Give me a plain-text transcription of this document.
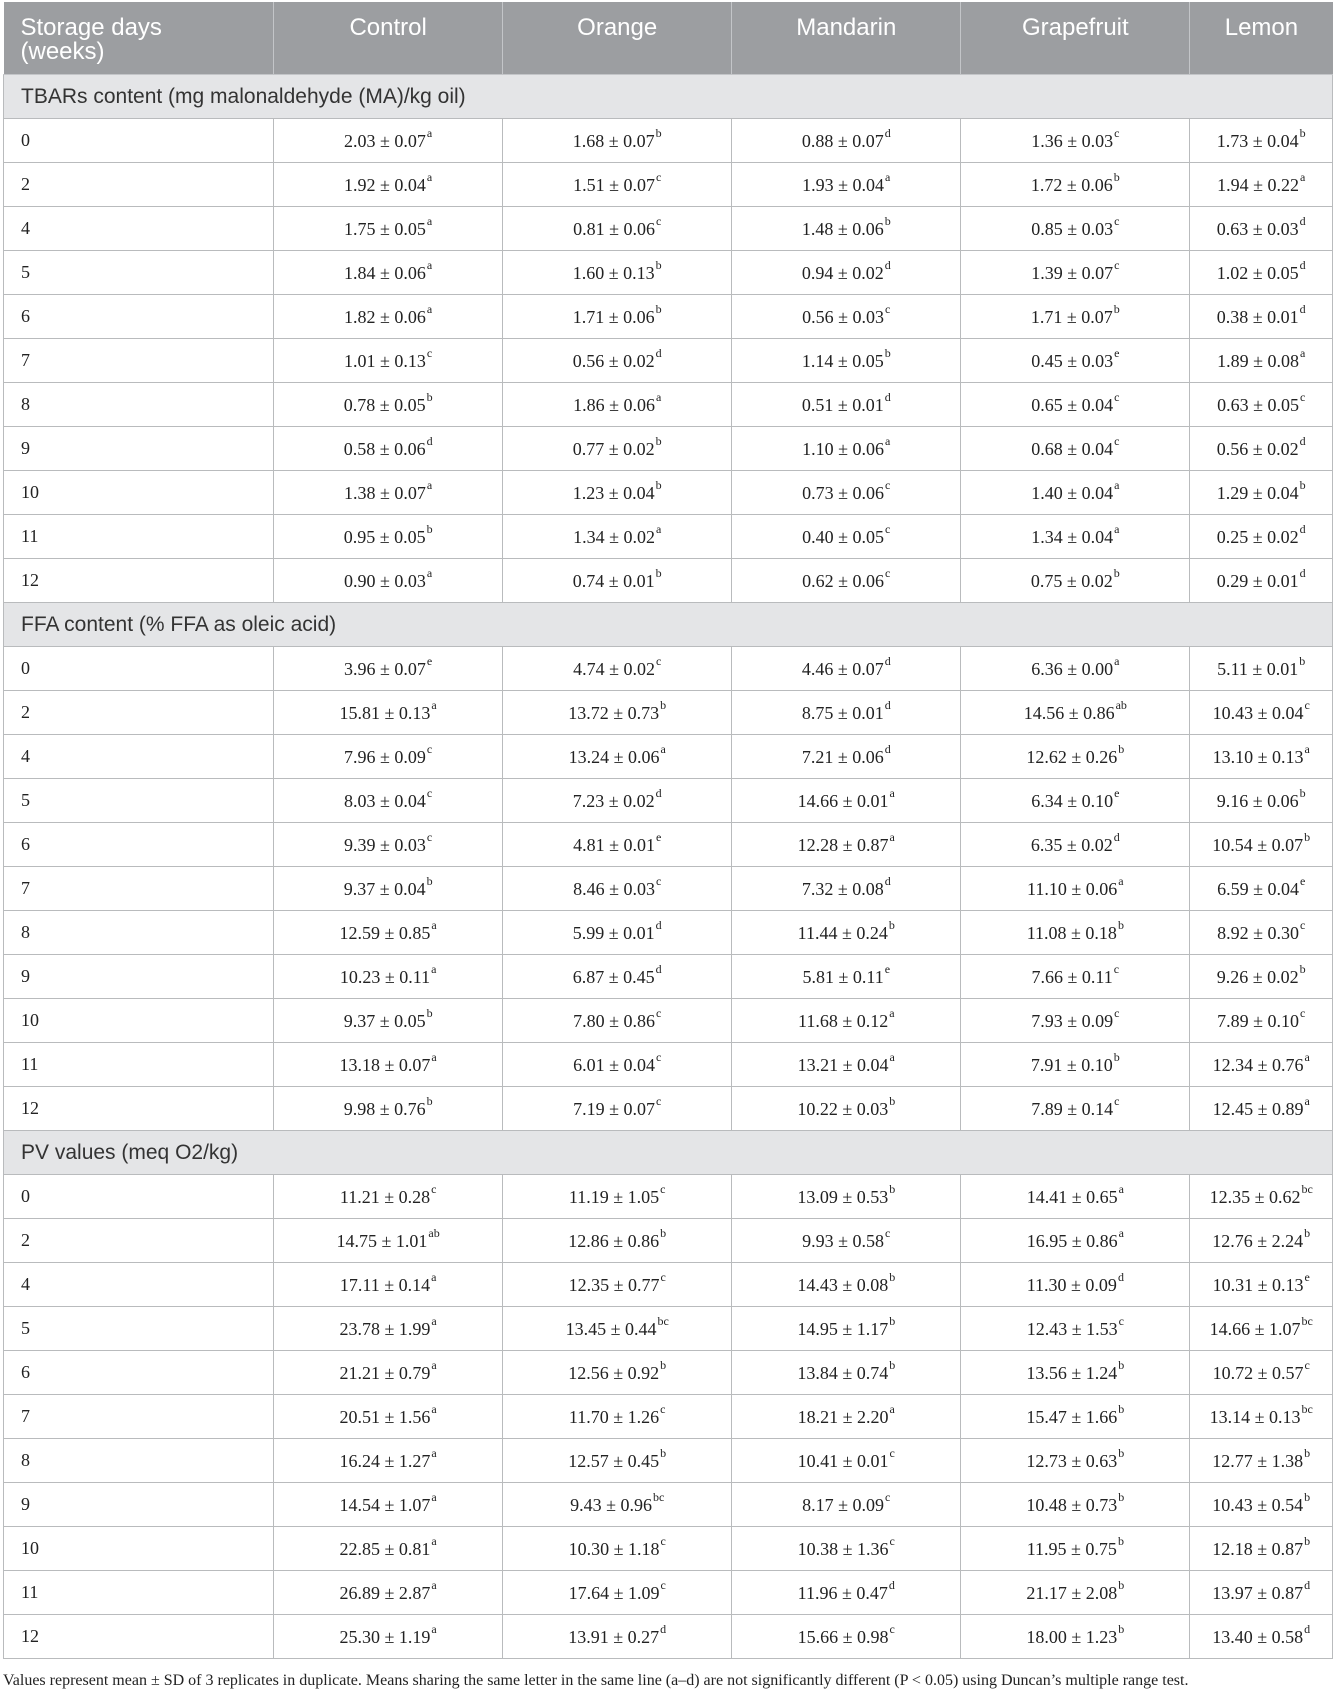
Storage days
(weeks)	Control	Orange	Mandarin	Grapefruit	Lemon

TBARs content (mg malonaldehyde (MA)/kg oil)					
0	2.03 ± 0.07$^a$	1.68 ± 0.07$^b$	0.88 ± 0.07$^d$	1.36 ± 0.03$^c$	1.73 ± 0.04$^b$
2	1.92 ± 0.04$^a$	1.51 ± 0.07$^c$	1.93 ± 0.04$^a$	1.72 ± 0.06$^b$	1.94 ± 0.22$^a$
4	1.75 ± 0.05$^a$	0.81 ± 0.06$^c$	1.48 ± 0.06$^b$	0.85 ± 0.03$^c$	0.63 ± 0.03$^d$
5	1.84 ± 0.06$^a$	1.60 ± 0.13$^b$	0.94 ± 0.02$^d$	1.39 ± 0.07$^c$	1.02 ± 0.05$^d$
6	1.82 ± 0.06$^a$	1.71 ± 0.06$^b$	0.56 ± 0.03$^c$	1.71 ± 0.07$^b$	0.38 ± 0.01$^d$
7	1.01 ± 0.13$^c$	0.56 ± 0.02$^d$	1.14 ± 0.05$^b$	0.45 ± 0.03$^e$	1.89 ± 0.08$^a$
8	0.78 ± 0.05$^b$	1.86 ± 0.06$^a$	0.51 ± 0.01$^d$	0.65 ± 0.04$^c$	0.63 ± 0.05$^c$
9	0.58 ± 0.06$^d$	0.77 ± 0.02$^b$	1.10 ± 0.06$^a$	0.68 ± 0.04$^c$	0.56 ± 0.02$^d$
10	1.38 ± 0.07$^a$	1.23 ± 0.04$^b$	0.73 ± 0.06$^c$	1.40 ± 0.04$^a$	1.29 ± 0.04$^b$
11	0.95 ± 0.05$^b$	1.34 ± 0.02$^a$	0.40 ± 0.05$^c$	1.34 ± 0.04$^a$	0.25 ± 0.02$^d$
12	0.90 ± 0.03$^a$	0.74 ± 0.01$^b$	0.62 ± 0.06$^c$	0.75 ± 0.02$^b$	0.29 ± 0.01$^d$
FFA content (% FFA as oleic acid)					
0	3.96 ± 0.07$^e$	4.74 ± 0.02$^c$	4.46 ± 0.07$^d$	6.36 ± 0.00$^a$	5.11 ± 0.01$^b$
2	15.81 ± 0.13$^a$	13.72 ± 0.73$^b$	8.75 ± 0.01$^d$	14.56 ± 0.86$^{ab}$	10.43 ± 0.04$^c$
4	7.96 ± 0.09$^c$	13.24 ± 0.06$^a$	7.21 ± 0.06$^d$	12.62 ± 0.26$^b$	13.10 ± 0.13$^a$
5	8.03 ± 0.04$^c$	7.23 ± 0.02$^d$	14.66 ± 0.01$^a$	6.34 ± 0.10$^e$	9.16 ± 0.06$^b$
6	9.39 ± 0.03$^c$	4.81 ± 0.01$^e$	12.28 ± 0.87$^a$	6.35 ± 0.02$^d$	10.54 ± 0.07$^b$
7	9.37 ± 0.04$^b$	8.46 ± 0.03$^c$	7.32 ± 0.08$^d$	11.10 ± 0.06$^a$	6.59 ± 0.04$^e$
8	12.59 ± 0.85$^a$	5.99 ± 0.01$^d$	11.44 ± 0.24$^b$	11.08 ± 0.18$^b$	8.92 ± 0.30$^c$
9	10.23 ± 0.11$^a$	6.87 ± 0.45$^d$	5.81 ± 0.11$^e$	7.66 ± 0.11$^c$	9.26 ± 0.02$^b$
10	9.37 ± 0.05$^b$	7.80 ± 0.86$^c$	11.68 ± 0.12$^a$	7.93 ± 0.09$^c$	7.89 ± 0.10$^c$
11	13.18 ± 0.07$^a$	6.01 ± 0.04$^c$	13.21 ± 0.04$^a$	7.91 ± 0.10$^b$	12.34 ± 0.76$^a$
12	9.98 ± 0.76$^b$	7.19 ± 0.07$^c$	10.22 ± 0.03$^b$	7.89 ± 0.14$^c$	12.45 ± 0.89$^a$
PV values (meq O2/kg)					
0	11.21 ± 0.28$^c$	11.19 ± 1.05$^c$	13.09 ± 0.53$^b$	14.41 ± 0.65$^a$	12.35 ± 0.62$^{bc}$
2	14.75 ± 1.01$^{ab}$	12.86 ± 0.86$^b$	9.93 ± 0.58$^c$	16.95 ± 0.86$^a$	12.76 ± 2.24$^b$
4	17.11 ± 0.14$^a$	12.35 ± 0.77$^c$	14.43 ± 0.08$^b$	11.30 ± 0.09$^d$	10.31 ± 0.13$^e$
5	23.78 ± 1.99$^a$	13.45 ± 0.44$^{bc}$	14.95 ± 1.17$^b$	12.43 ± 1.53$^c$	14.66 ± 1.07$^{bc}$
6	21.21 ± 0.79$^a$	12.56 ± 0.92$^b$	13.84 ± 0.74$^b$	13.56 ± 1.24$^b$	10.72 ± 0.57$^c$
7	20.51 ± 1.56$^a$	11.70 ± 1.26$^c$	18.21 ± 2.20$^a$	15.47 ± 1.66$^b$	13.14 ± 0.13$^{bc}$
8	16.24 ± 1.27$^a$	12.57 ± 0.45$^b$	10.41 ± 0.01$^c$	12.73 ± 0.63$^b$	12.77 ± 1.38$^b$
9	14.54 ± 1.07$^a$	9.43 ± 0.96$^{bc}$	8.17 ± 0.09$^c$	10.48 ± 0.73$^b$	10.43 ± 0.54$^b$
10	22.85 ± 0.81$^a$	10.30 ± 1.18$^c$	10.38 ± 1.36$^c$	11.95 ± 0.75$^b$	12.18 ± 0.87$^b$
11	26.89 ± 2.87$^a$	17.64 ± 1.09$^c$	11.96 ± 0.47$^d$	21.17 ± 2.08$^b$	13.97 ± 0.87$^d$
12	25.30 ± 1.19$^a$	13.91 ± 0.27$^d$	15.66 ± 0.98$^c$	18.00 ± 1.23$^b$	13.40 ± 0.58$^d$
Values represent mean ± SD of 3 replicates in duplicate. Means sharing the same letter in the same line (a–d) are not significantly different (P < 0.05) using Duncan’s multiple range test.
